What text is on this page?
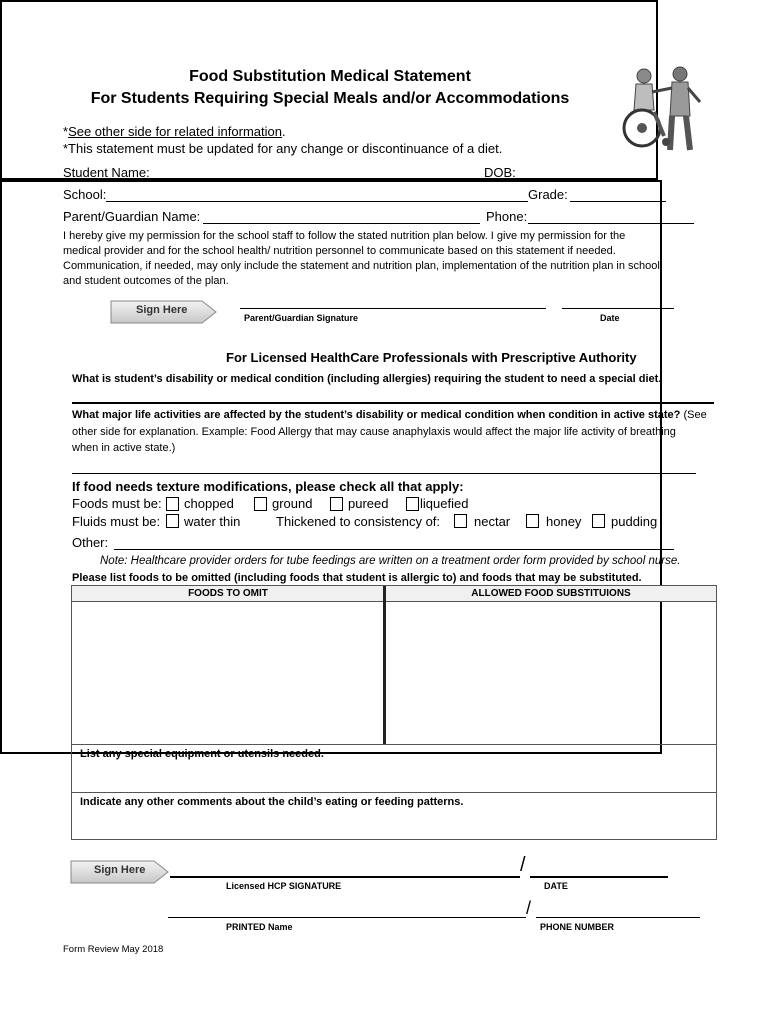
Food Substitution Medical Statement
For Students Requiring Special Meals and/or Accommodations
*See other side for related information.
*This statement must be updated for any change or discontinuance of a diet.
Student Name:	DOB:
School:	Grade:
Parent/Guardian Name:	Phone:
I hereby give my permission for the school staff to follow the stated nutrition plan below. I give my permission for the
medical provider and for the school health/ nutrition personnel to communicate based on this statement if needed.
Communication, if needed, may only include the statement and nutrition plan, implementation of the nutrition plan in school
and student outcomes of the plan.
Sign Here
Parent/Guardian Signature	Date
For Licensed HealthCare Professionals with Prescriptive Authority
What is student’s disability or medical condition (including allergies) requiring the student to need a special diet.
What major life activities are affected by the student’s disability or medical condition when condition in active state? (See
other side for explanation. Example: Food Allergy that may cause anaphylaxis would affect the major life activity of breathing
when in active state.)
If food needs texture modifications, please check all that apply:
Foods must be: chopped	ground	pureed liquefied
Fluids must be: water thin	Thickened to consistency of:	nectar	honey pudding
Other:
Note: Healthcare provider orders for tube feedings are written on a treatment order form provided by school nurse.
Please list foods to be omitted (including foods that student is allergic to) and foods that may be substituted.
FOODS TO OMIT	ALLOWED FOOD SUBSTITUIONS
List any special equipment or utensils needed.
Indicate any other comments about the child’s eating or feeding patterns.
Sign Here	/
Licensed HCP SIGNATURE	DATE
/
PRINTED Name	PHONE NUMBER
Form Review May 2018
